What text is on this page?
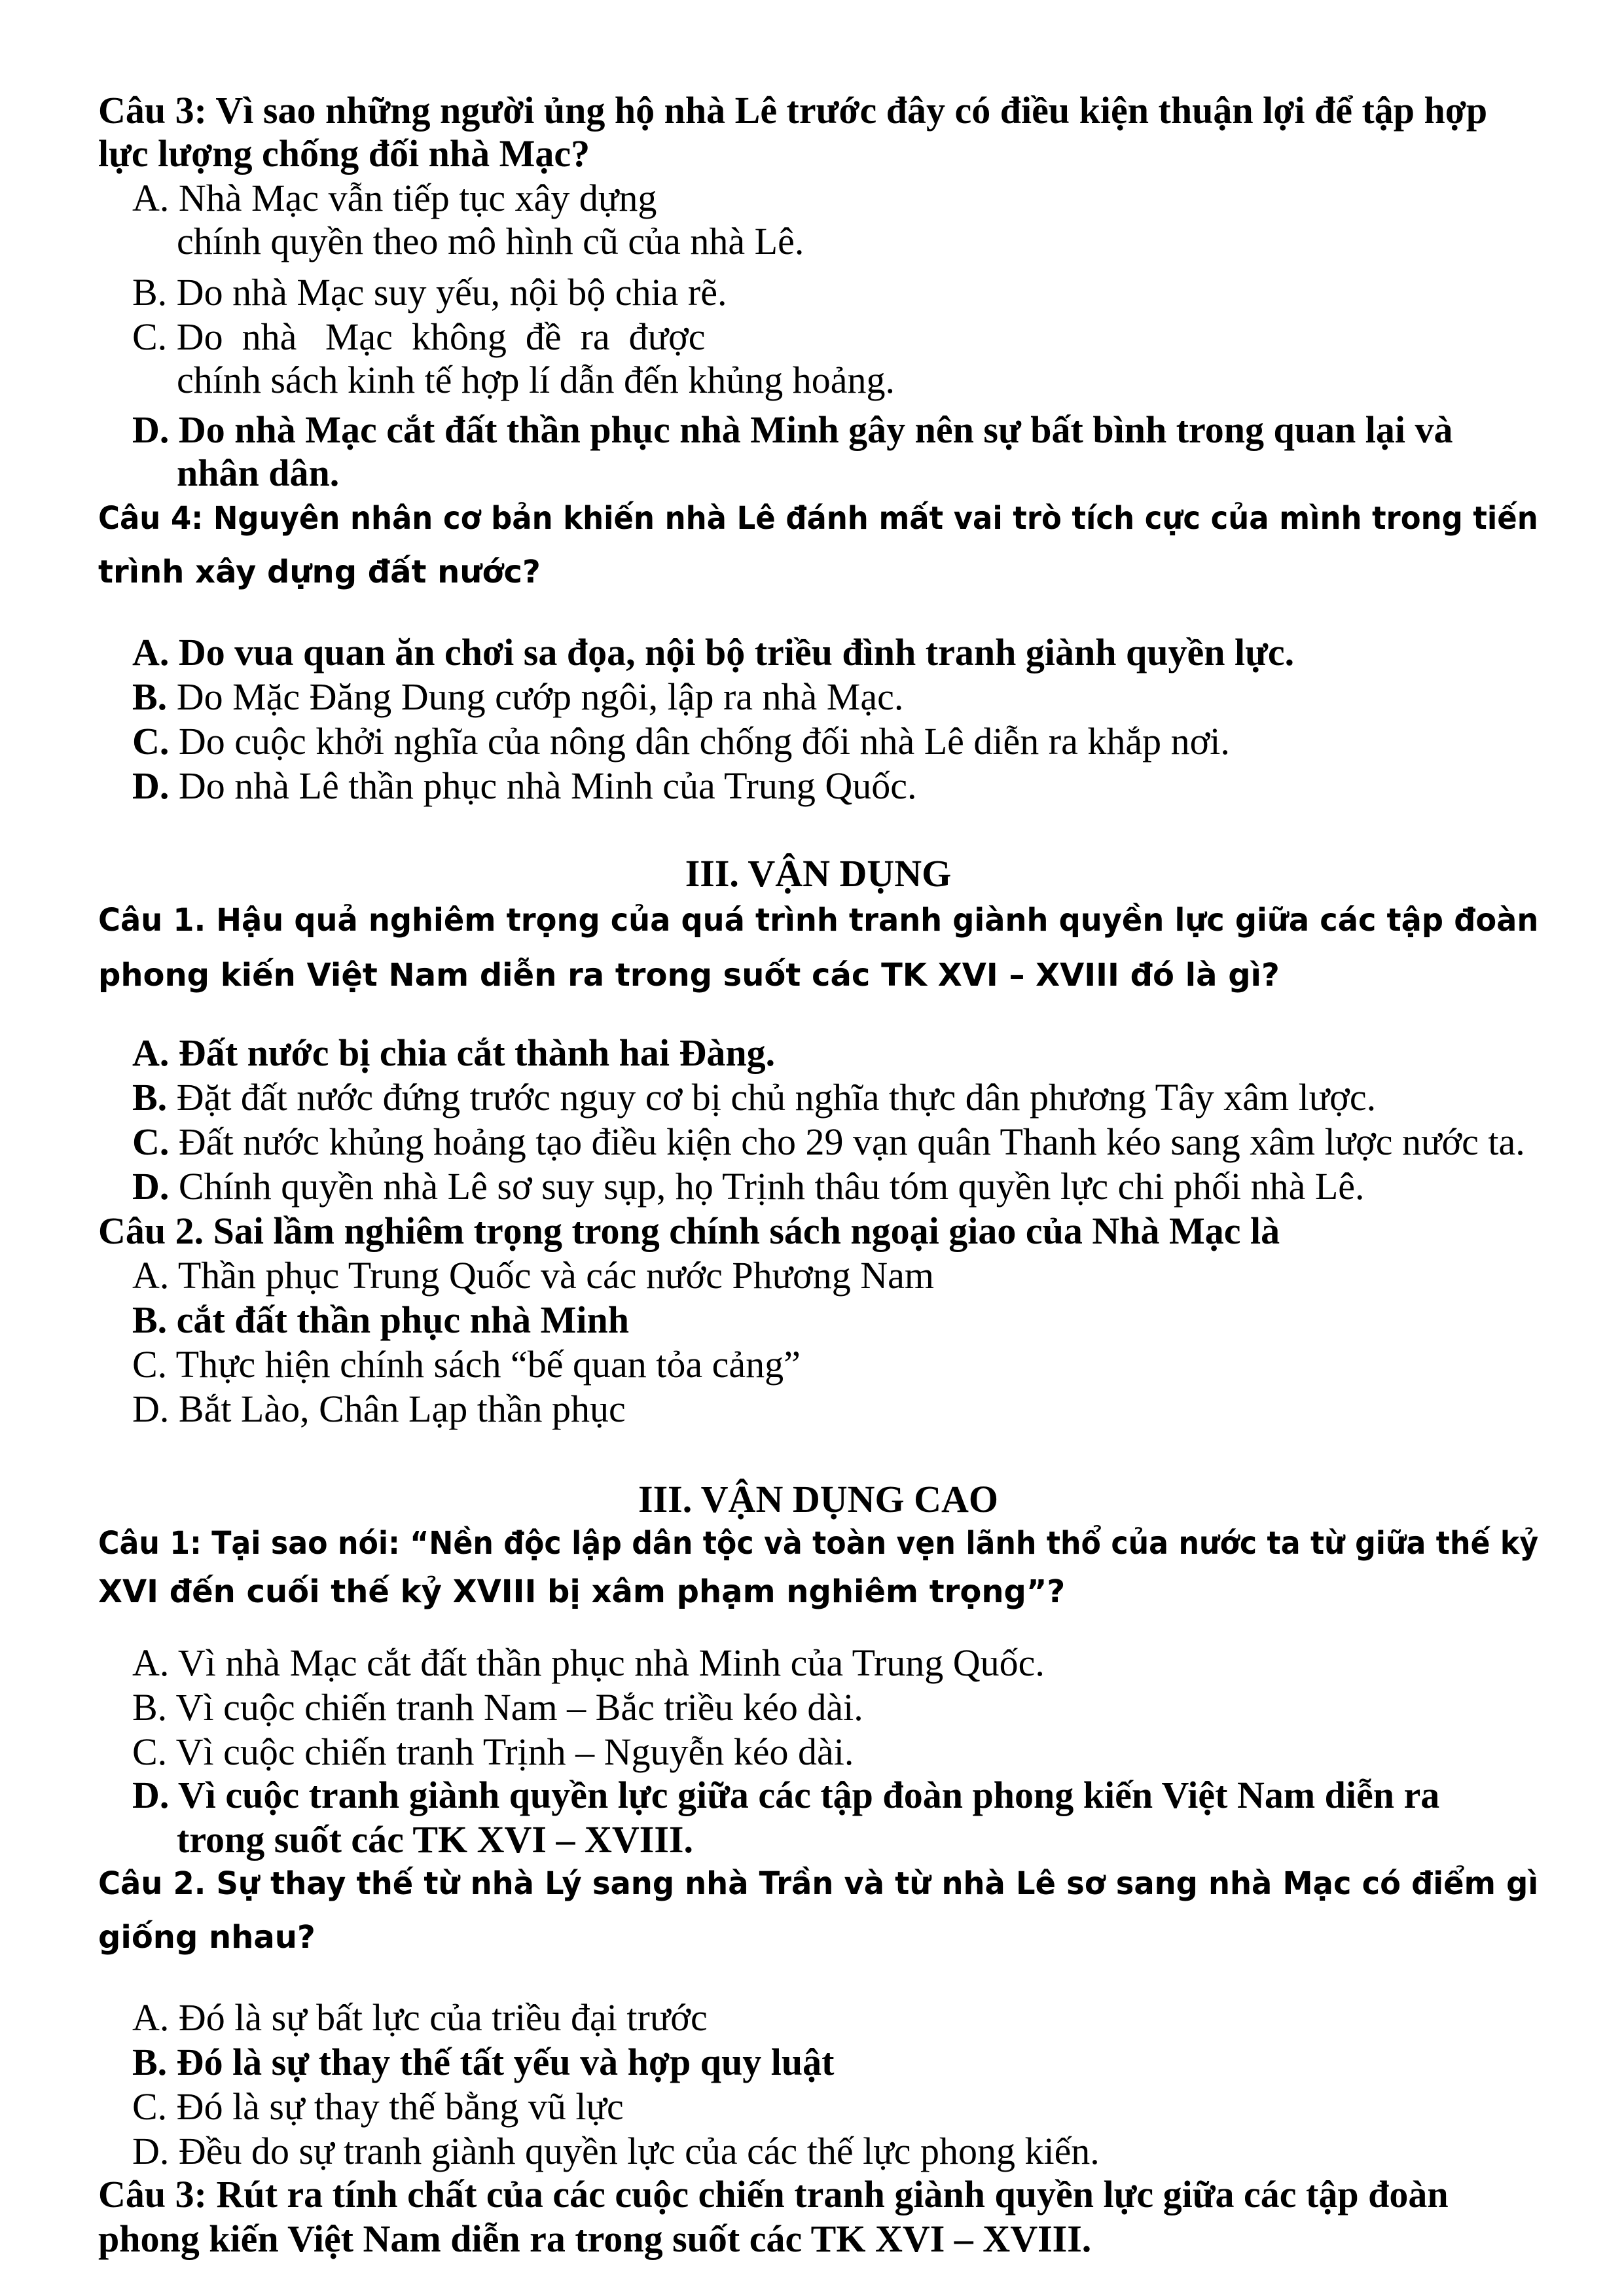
Câu 3: Vì sao những người ủng hộ nhà Lê trước đây có điều kiện thuận lợi để tập hợp
lực lượng chống đối nhà Mạc?
A. Nhà Mạc vẫn tiếp tục xây dựng
chính quyền theo mô hình cũ của nhà Lê.
B. Do nhà Mạc suy yếu, nội bộ chia rẽ.
C. Do  nhà   Mạc  không  đề  ra  được
chính sách kinh tế hợp lí dẫn đến khủng hoảng.
D. Do nhà Mạc cắt đất thần phục nhà Minh gây nên sự bất bình trong quan lại và
nhân dân.
Câu 4: Nguyên nhân cơ bản khiến nhà Lê đánh mất vai trò tích cực của mình trong tiến
trình xây dựng đất nước?
A. Do vua quan ăn chơi sa đọa, nội bộ triều đình tranh giành quyền lực.
B. Do Mặc Đăng Dung cướp ngôi, lập ra nhà Mạc.
C. Do cuộc khởi nghĩa của nông dân chống đối nhà Lê diễn ra khắp nơi.
D. Do nhà Lê thần phục nhà Minh của Trung Quốc.
III. VẬN DỤNG
Câu 1. Hậu quả nghiêm trọng của quá trình tranh giành quyền lực giữa các tập đoàn
phong kiến Việt Nam diễn ra trong suốt các TK XVI – XVIII đó là gì?
A. Đất nước bị chia cắt thành hai Đàng.
B. Đặt đất nước đứng trước nguy cơ bị chủ nghĩa thực dân phương Tây xâm lược.
C. Đất nước khủng hoảng tạo điều kiện cho 29 vạn quân Thanh kéo sang xâm lược nước ta.
D. Chính quyền nhà Lê sơ suy sụp, họ Trịnh thâu tóm quyền lực chi phối nhà Lê.
Câu 2. Sai lầm nghiêm trọng trong chính sách ngoại giao của Nhà Mạc là
A. Thần phục Trung Quốc và các nước Phương Nam
B. cắt đất thần phục nhà Minh
C. Thực hiện chính sách “bế quan tỏa cảng”
D. Bắt Lào, Chân Lạp thần phục
III. VẬN DỤNG CAO
Câu 1: Tại sao nói: “Nền độc lập dân tộc và toàn vẹn lãnh thổ của nước ta từ giữa thế kỷ
XVI đến cuối thế kỷ XVIII bị xâm phạm nghiêm trọng”?
A. Vì nhà Mạc cắt đất thần phục nhà Minh của Trung Quốc.
B. Vì cuộc chiến tranh Nam – Bắc triều kéo dài.
C. Vì cuộc chiến tranh Trịnh – Nguyễn kéo dài.
D. Vì cuộc tranh giành quyền lực giữa các tập đoàn phong kiến Việt Nam diễn ra
trong suốt các TK XVI – XVIII.
Câu 2. Sự thay thế từ nhà Lý sang nhà Trần và từ nhà Lê sơ sang nhà Mạc có điểm gì
giống nhau?
A. Đó là sự bất lực của triều đại trước
B. Đó là sự thay thế tất yếu và hợp quy luật
C. Đó là sự thay thế bằng vũ lực
D. Đều do sự tranh giành quyền lực của các thế lực phong kiến.
Câu 3: Rút ra tính chất của các cuộc chiến tranh giành quyền lực giữa các tập đoàn
phong kiến Việt Nam diễn ra trong suốt các TK XVI – XVIII.
